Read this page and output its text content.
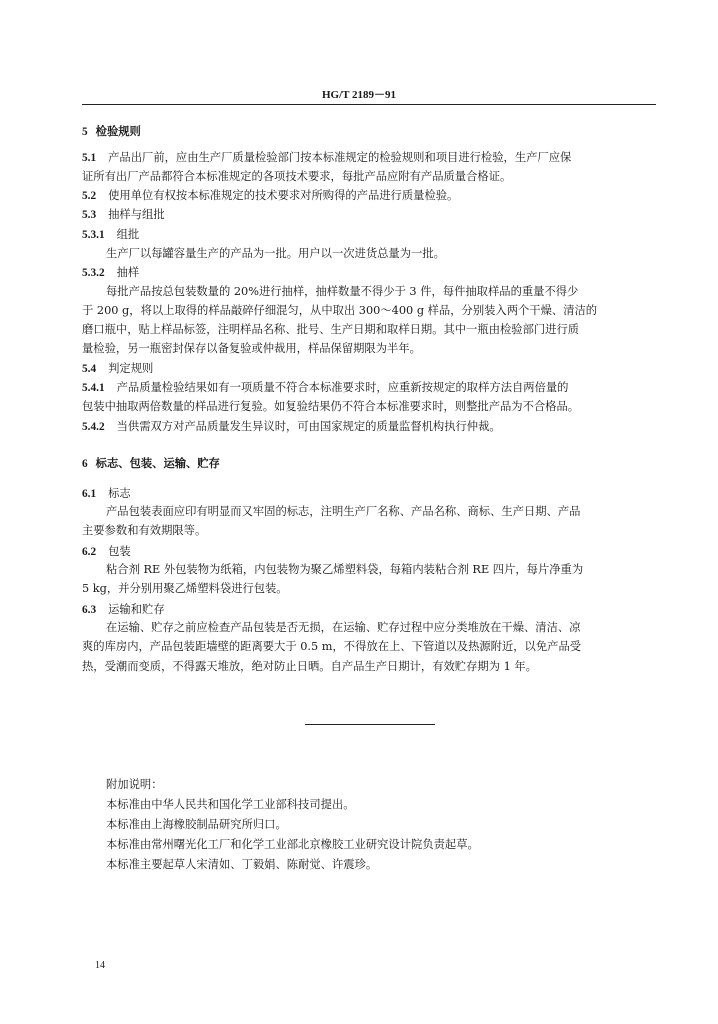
HG/T 2189－91
5 检验规则
5.1 产品出厂前，应由生产厂质量检验部门按本标准规定的检验规则和项目进行检验，生产厂应保
证所有出厂产品都符合本标准规定的各项技术要求，每批产品应附有产品质量合格证。
5.2 使用单位有权按本标准规定的技术要求对所购得的产品进行质量检验。
5.3 抽样与组批
5.3.1 组批
生产厂以每罐容量生产的产品为一批。用户以一次进货总量为一批。
5.3.2 抽样
每批产品按总包装数量的 20%进行抽样，抽样数量不得少于 3 件，每件抽取样品的重量不得少
于 200 g，将以上取得的样品敲碎仔细混匀，从中取出 300～400 g 样品，分别装入两个干燥、清洁的
磨口瓶中，贴上样品标签，注明样品名称、批号、生产日期和取样日期。其中一瓶由检验部门进行质
量检验，另一瓶密封保存以备复验或仲裁用，样品保留期限为半年。
5.4 判定规则
5.4.1 产品质量检验结果如有一项质量不符合本标准要求时，应重新按规定的取样方法自两倍量的
包装中抽取两倍数量的样品进行复验。如复验结果仍不符合本标准要求时，则整批产品为不合格品。
5.4.2 当供需双方对产品质量发生异议时，可由国家规定的质量监督机构执行仲裁。
6 标志、包装、运输、贮存
6.1 标志
产品包装表面应印有明显而又牢固的标志，注明生产厂名称、产品名称、商标、生产日期、产品
主要参数和有效期限等。
6.2 包装
粘合剂 RE 外包装物为纸箱，内包装物为聚乙烯塑料袋，每箱内装粘合剂 RE 四片，每片净重为
5 kg，并分别用聚乙烯塑料袋进行包装。
6.3 运输和贮存
在运输、贮存之前应检查产品包装是否无损，在运输、贮存过程中应分类堆放在干燥、清洁、凉
爽的库房内，产品包装距墙壁的距离要大于 0.5 m，不得放在上、下管道以及热源附近，以免产品受
热，受潮而变质，不得露天堆放，绝对防止日晒。自产品生产日期计，有效贮存期为 1 年。
附加说明：
本标准由中华人民共和国化学工业部科技司提出。
本标准由上海橡胶制品研究所归口。
本标准由常州曙光化工厂和化学工业部北京橡胶工业研究设计院负责起草。
本标准主要起草人宋清如、丁毅娟、陈耐觉、许震珍。
14
